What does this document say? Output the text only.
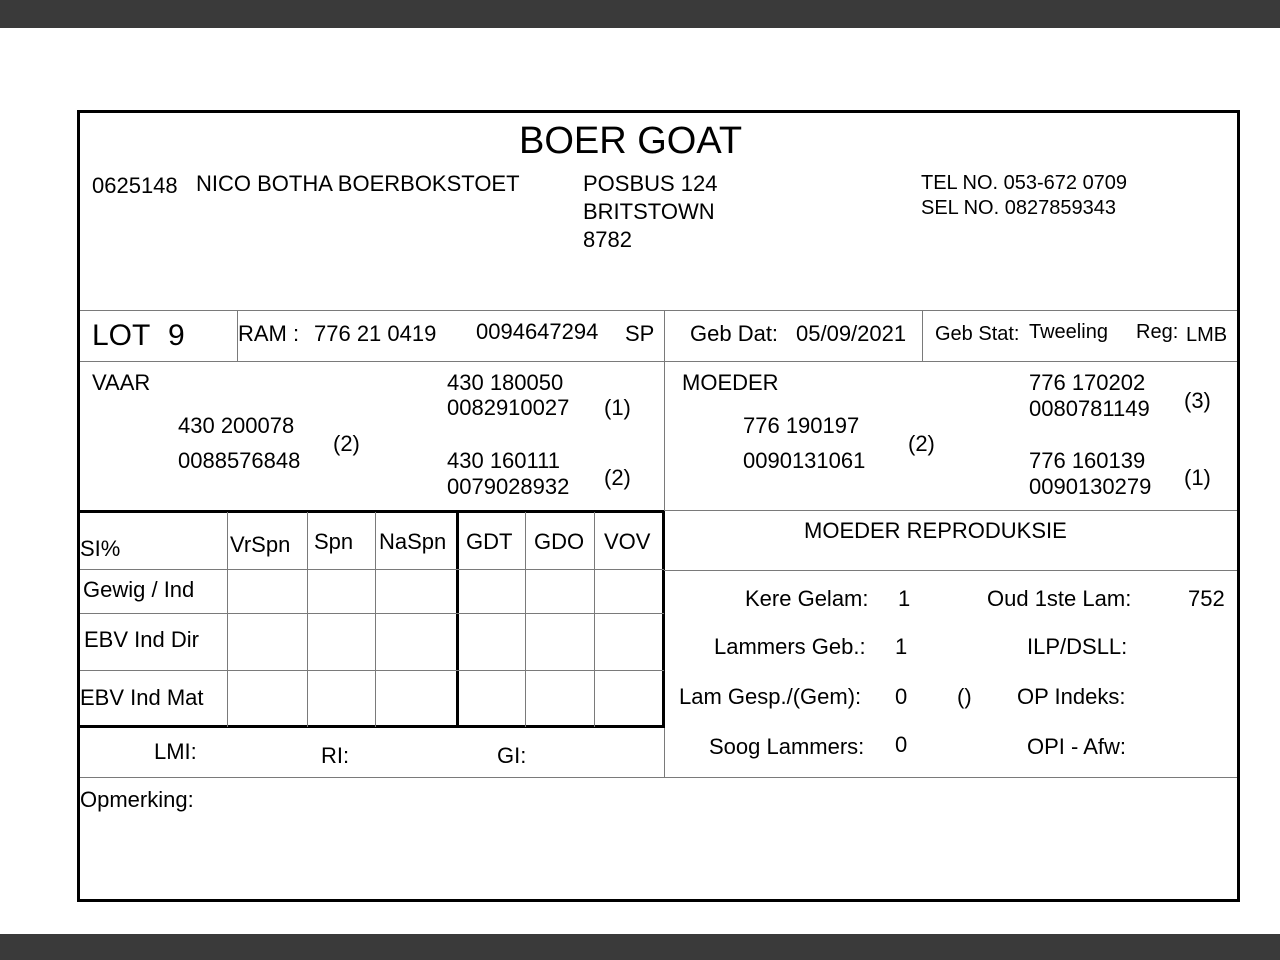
BOER GOAT
0625148 NICO BOTHA BOERBOKSTOET	POSBUS 124
BRITSTOWN
8782
TEL NO. 053-672 0709
SEL NO. 0827859343
LOT 9 RAM : 776 21 0419 0094647294 SP Geb Dat: 05/09/2021 Geb Stat: Tweeling Reg: LMB
VAAR
430 200078
0088576848
(2)
430 180050
0082910027 (1)
430 160111
0079028932 (2)
MOEDER
776 190197
0090131061
(2)
776 170202
0080781149 (3)
776 160139
0090130279 (1)
SI%	VrSpn Spn NaSpn GDT GDO VOV
Gewig / Ind
EBV Ind Dir
EBV Ind Mat
LMI:	RI:	GI:
MOEDER REPRODUKSIE
Kere Gelam: 1	Oud 1ste Lam:	752
Lammers Geb.: 1	ILP/DSLL:
Lam Gesp./(Gem): 0 () OP Indeks:
Soog Lammers: 0	OPI - Afw:
Opmerking:
